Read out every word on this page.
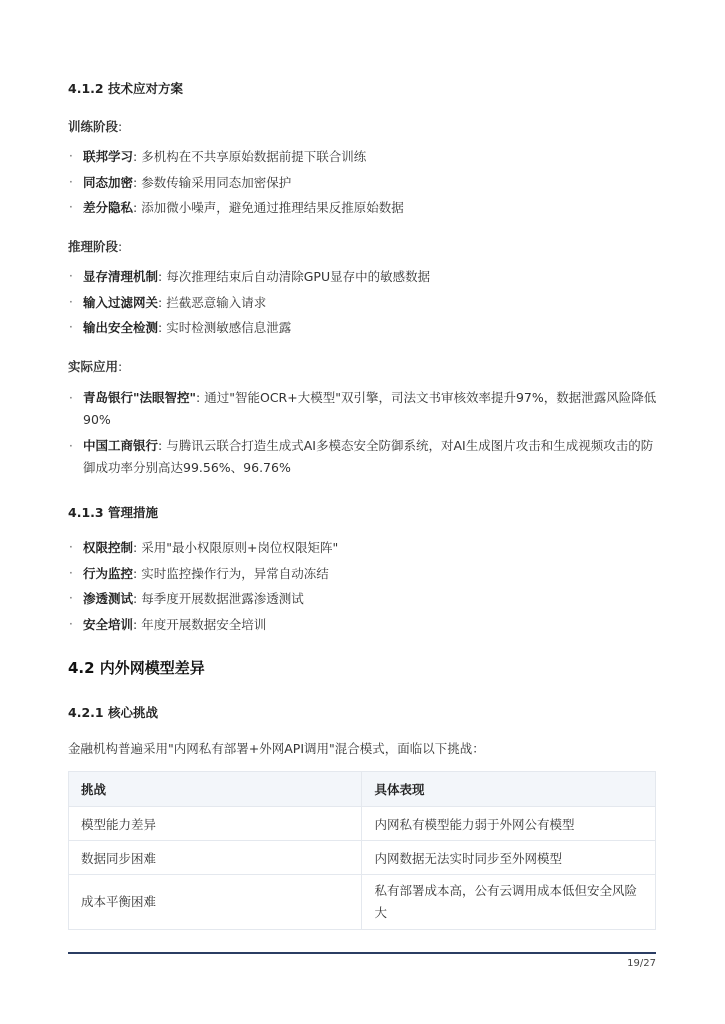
4.1.2 技术应对方案
训练阶段:
· 联邦学习: 多机构在不共享原始数据前提下联合训练
· 同态加密: 参数传输采用同态加密保护
· 差分隐私: 添加微小噪声，避免通过推理结果反推原始数据
推理阶段:
· 显存清理机制: 每次推理结束后自动清除GPU显存中的敏感数据
· 输入过滤网关: 拦截恶意输入请求
· 输出安全检测: 实时检测敏感信息泄露
实际应用:
· 青岛银行"法眼智控": 通过"智能OCR+大模型"双引擎，司法文书审核效率提升97%，数据泄露风险降低90%
· 中国工商银行: 与腾讯云联合打造生成式AI多模态安全防御系统，对AI生成图片攻击和生成视频攻击的防御成功率分别高达99.56%、96.76%
4.1.3 管理措施
· 权限控制: 采用"最小权限原则+岗位权限矩阵"
· 行为监控: 实时监控操作行为，异常自动冻结
· 渗透测试: 每季度开展数据泄露渗透测试
· 安全培训: 年度开展数据安全培训
4.2 内外网模型差异
4.2.1 核心挑战

金融机构普遍采用"内网私有部署+外网API调用"混合模式，面临以下挑战：

挑战	具体表现
模型能力差异	内网私有模型能力弱于外网公有模型
数据同步困难	内网数据无法实时同步至外网模型
成本平衡困难	私有部署成本高，公有云调用成本低但安全风险大
19/27
